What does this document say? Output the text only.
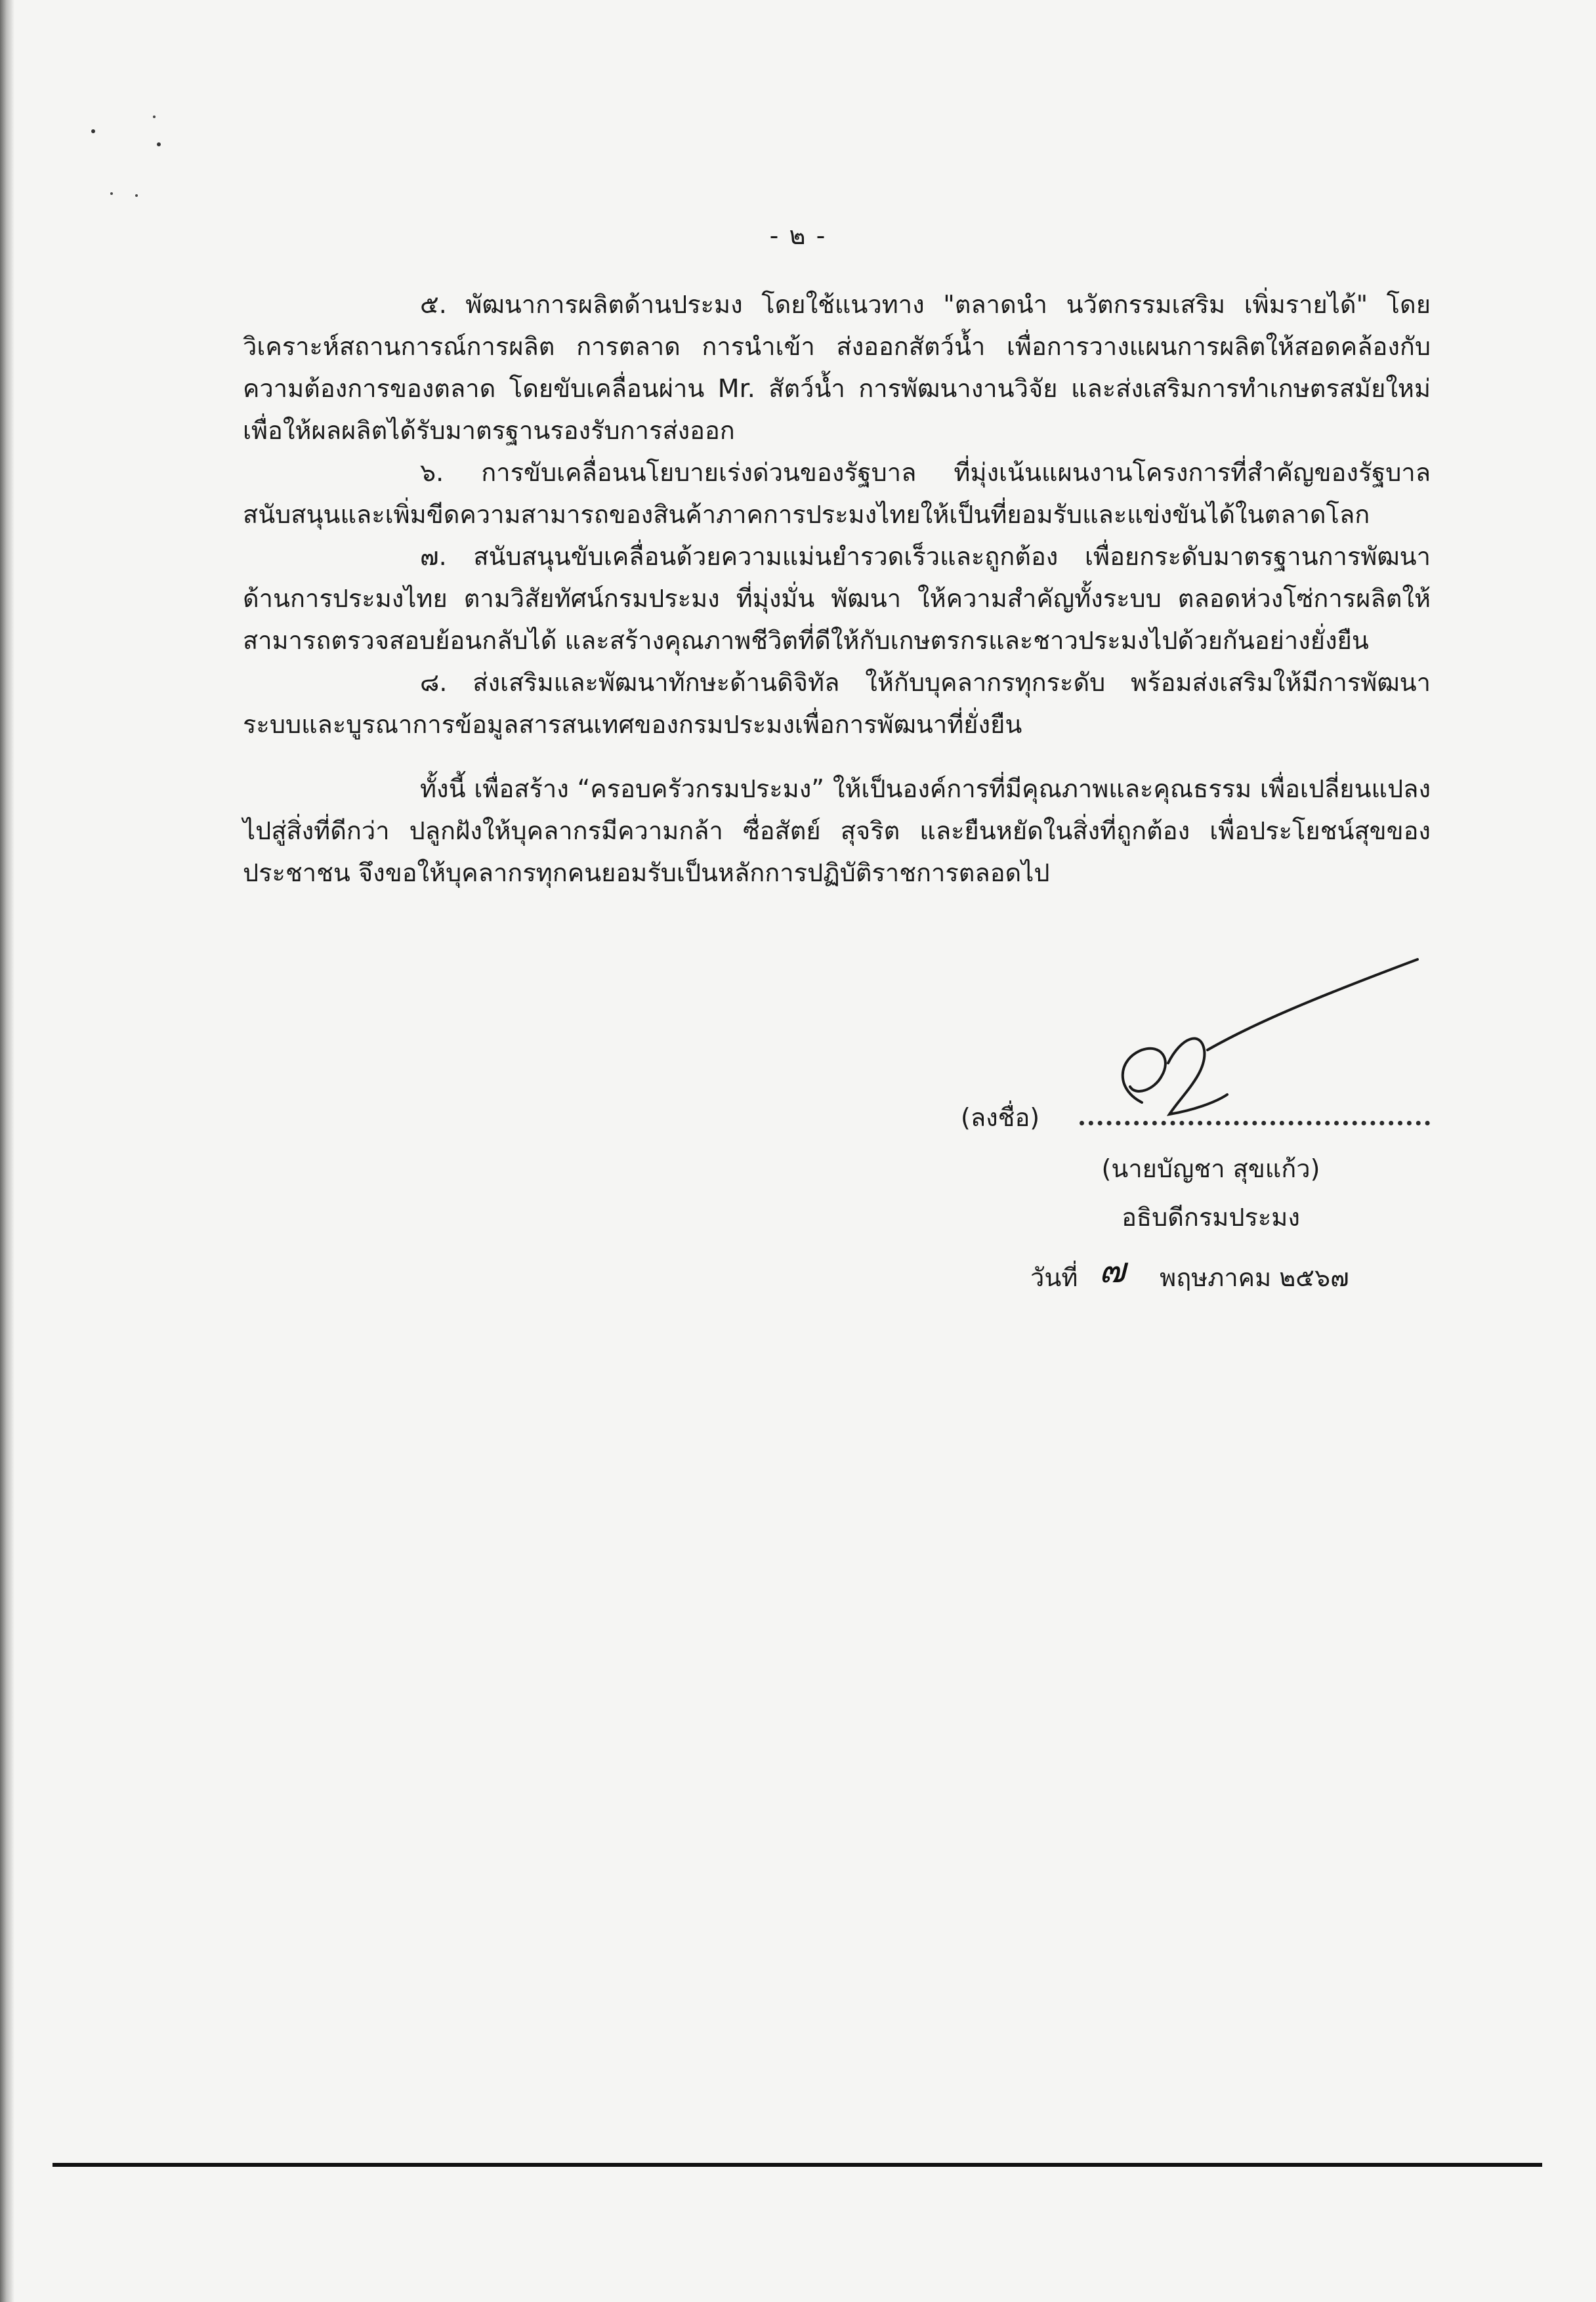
- ๒ -

๕. พัฒนาการผลิตด้านประมง โดยใช้แนวทาง "ตลาดนำ นวัตกรรมเสริม เพิ่มรายได้" โดยวิเคราะห์สถานการณ์การผลิต การตลาด การนำเข้า ส่งออกสัตว์น้ำ เพื่อการวางแผนการผลิตให้สอดคล้องกับความต้องการของตลาด โดยขับเคลื่อนผ่าน Mr. สัตว์น้ำ การพัฒนางานวิจัย และส่งเสริมการทำเกษตรสมัยใหม่ เพื่อให้ผลผลิตได้รับมาตรฐานรองรับการส่งออก

๖. การขับเคลื่อนนโยบายเร่งด่วนของรัฐบาล ที่มุ่งเน้นแผนงานโครงการที่สำคัญของรัฐบาล สนับสนุนและเพิ่มขีดความสามารถของสินค้าภาคการประมงไทยให้เป็นที่ยอมรับและแข่งขันได้ในตลาดโลก

๗. สนับสนุนขับเคลื่อนด้วยความแม่นยำรวดเร็วและถูกต้อง เพื่อยกระดับมาตรฐานการพัฒนาด้านการประมงไทย ตามวิสัยทัศน์กรมประมง ที่มุ่งมั่น พัฒนา ให้ความสำคัญทั้งระบบ ตลอดห่วงโซ่การผลิตให้สามารถตรวจสอบย้อนกลับได้ และสร้างคุณภาพชีวิตที่ดีให้กับเกษตรกรและชาวประมงไปด้วยกันอย่างยั่งยืน

๘. ส่งเสริมและพัฒนาทักษะด้านดิจิทัล ให้กับบุคลากรทุกระดับ พร้อมส่งเสริมให้มีการพัฒนาระบบและบูรณาการข้อมูลสารสนเทศของกรมประมงเพื่อการพัฒนาที่ยั่งยืน

ทั้งนี้ เพื่อสร้าง “ครอบครัวกรมประมง” ให้เป็นองค์การที่มีคุณภาพและคุณธรรม เพื่อเปลี่ยนแปลงไปสู่สิ่งที่ดีกว่า ปลูกฝังให้บุคลากรมีความกล้า ซื่อสัตย์ สุจริต และยืนหยัดในสิ่งที่ถูกต้อง เพื่อประโยชน์สุขของประชาชน จึงขอให้บุคลากรทุกคนยอมรับเป็นหลักการปฏิบัติราชการตลอดไป

(ลงชื่อ)
(นายบัญชา สุขแก้ว)
อธิบดีกรมประมง
วันที่ ๗ พฤษภาคม ๒๕๖๗
